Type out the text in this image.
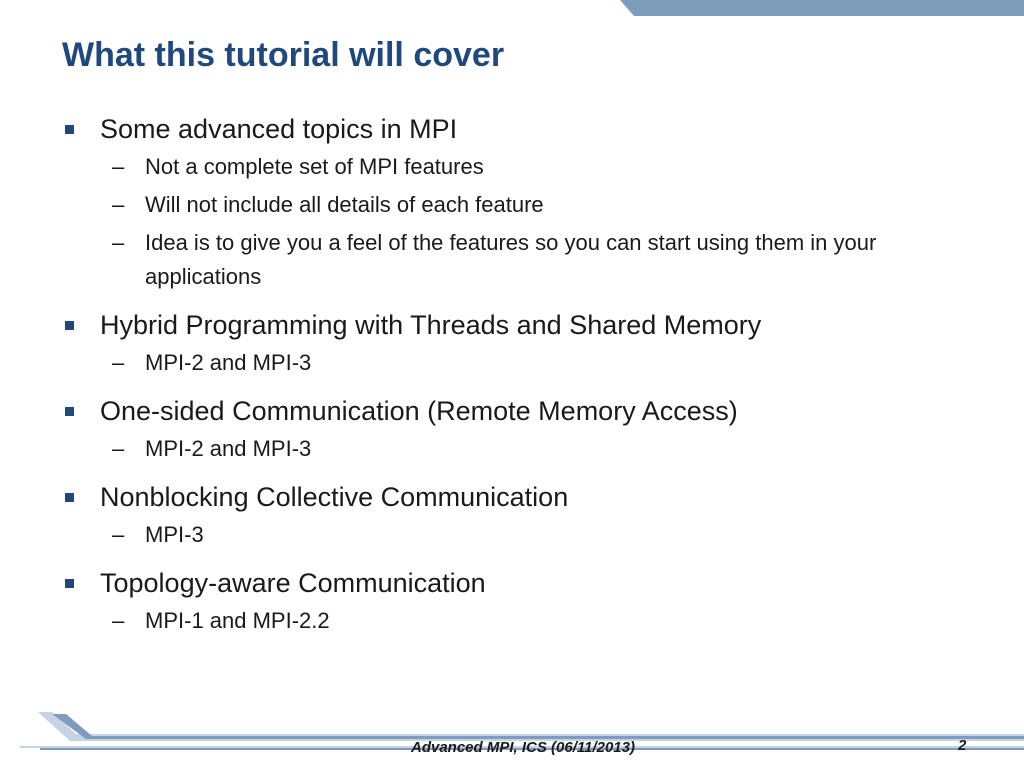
What this tutorial will cover
Some advanced topics in MPI
– Not a complete set of MPI features
– Will not include all details of each feature
– Idea is to give you a feel of the features so you can start using them in your applications
Hybrid Programming with Threads and Shared Memory
– MPI-2 and MPI-3
One-sided Communication (Remote Memory Access)
– MPI-2 and MPI-3
Nonblocking Collective Communication
– MPI-3
Topology-aware Communication
– MPI-1 and MPI-2.2
Advanced MPI, ICS (06/11/2013)	2
